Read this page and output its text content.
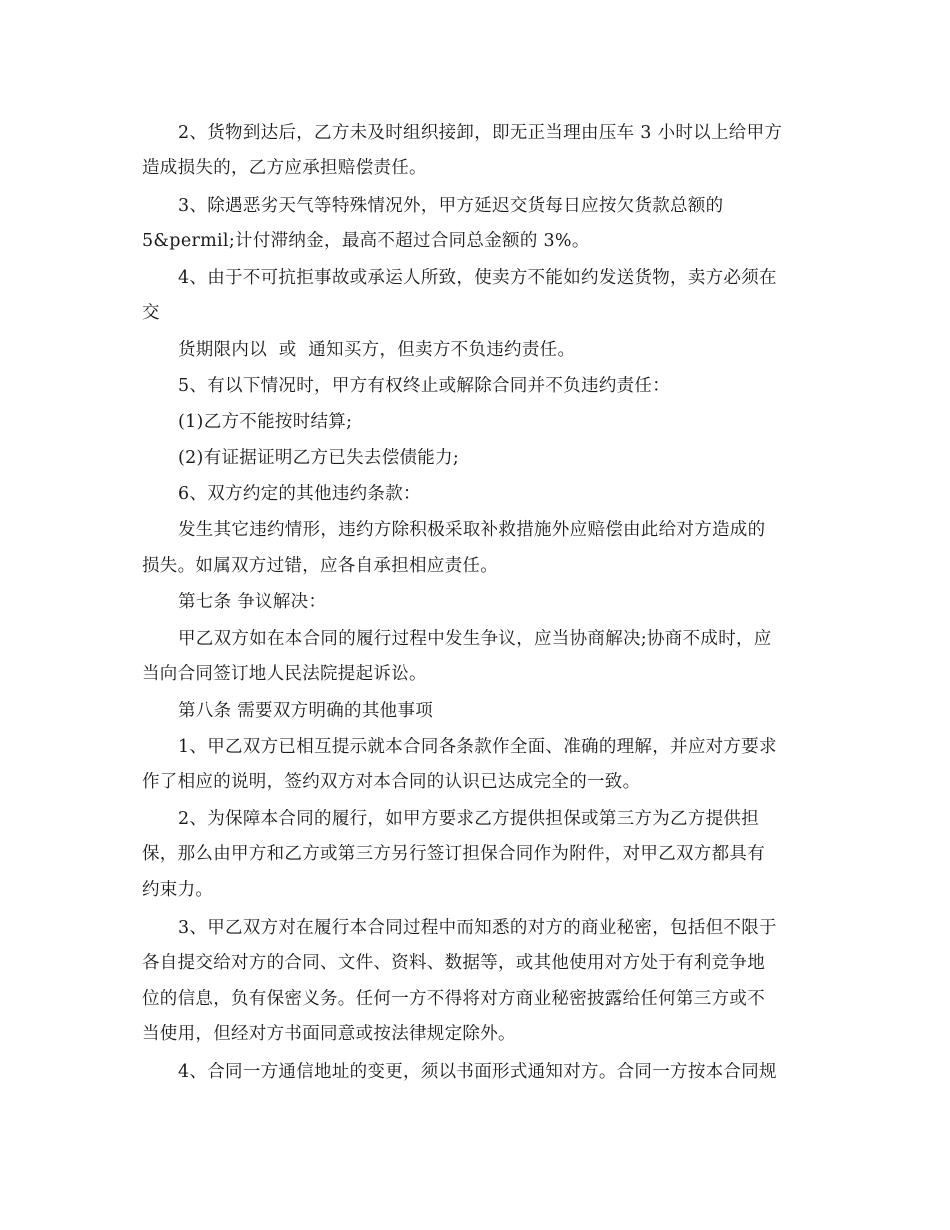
2、货物到达后，乙方未及时组织接卸，即无正当理由压车 3 小时以上给甲方
造成损失的，乙方应承担赔偿责任。
3、除遇恶劣天气等特殊情况外，甲方延迟交货每日应按欠货款总额的
5&permil;计付滞纳金，最高不超过合同总金额的 3%。
4、由于不可抗拒事故或承运人所致，使卖方不能如约发送货物，卖方必须在
交
货期限内以  或  通知买方，但卖方不负违约责任。
5、有以下情况时，甲方有权终止或解除合同并不负违约责任：
(1)乙方不能按时结算;
(2)有证据证明乙方已失去偿债能力;
6、双方约定的其他违约条款：
发生其它违约情形，违约方除积极采取补救措施外应赔偿由此给对方造成的
损失。如属双方过错，应各自承担相应责任。
第七条 争议解决：
甲乙双方如在本合同的履行过程中发生争议，应当协商解决;协商不成时，应
当向合同签订地人民法院提起诉讼。
第八条 需要双方明确的其他事项
1、甲乙双方已相互提示就本合同各条款作全面、准确的理解，并应对方要求
作了相应的说明，签约双方对本合同的认识已达成完全的一致。
2、为保障本合同的履行，如甲方要求乙方提供担保或第三方为乙方提供担
保，那么由甲方和乙方或第三方另行签订担保合同作为附件，对甲乙双方都具有
约束力。
3、甲乙双方对在履行本合同过程中而知悉的对方的商业秘密，包括但不限于
各自提交给对方的合同、文件、资料、数据等，或其他使用对方处于有利竞争地
位的信息，负有保密义务。任何一方不得将对方商业秘密披露给任何第三方或不
当使用，但经对方书面同意或按法律规定除外。
4、合同一方通信地址的变更，须以书面形式通知对方。合同一方按本合同规
